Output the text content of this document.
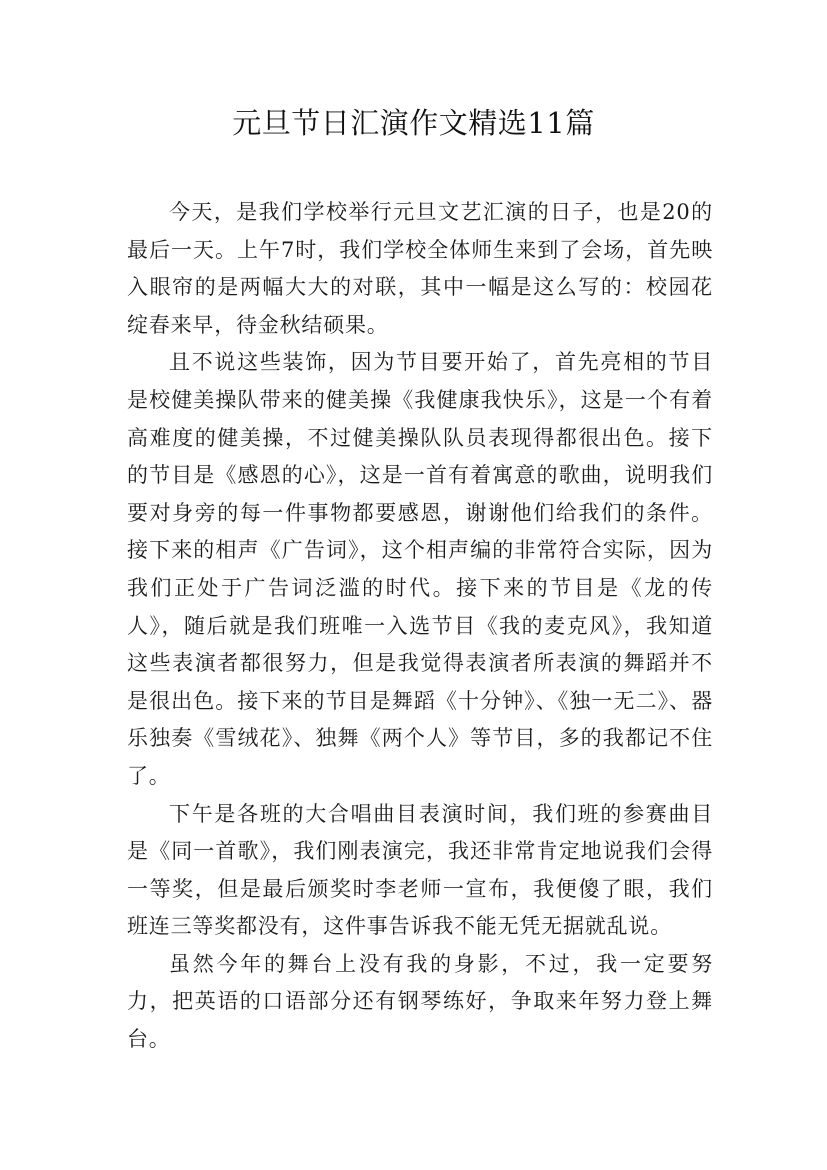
元旦节日汇演作文精选11篇

今天，是我们学校举行元旦文艺汇演的日子，也是20的最后一天。上午7时，我们学校全体师生来到了会场，首先映入眼帘的是两幅大大的对联，其中一幅是这么写的：校园花绽春来早，待金秋结硕果。

且不说这些装饰，因为节目要开始了，首先亮相的节目是校健美操队带来的健美操《我健康我快乐》，这是一个有着高难度的健美操，不过健美操队队员表现得都很出色。接下的节目是《感恩的心》，这是一首有着寓意的歌曲，说明我们要对身旁的每一件事物都要感恩，谢谢他们给我们的条件。接下来的相声《广告词》，这个相声编的非常符合实际，因为我们正处于广告词泛滥的时代。接下来的节目是《龙的传人》，随后就是我们班唯一入选节目《我的麦克风》，我知道这些表演者都很努力，但是我觉得表演者所表演的舞蹈并不是很出色。接下来的节目是舞蹈《十分钟》、《独一无二》、器乐独奏《雪绒花》、独舞《两个人》等节目，多的我都记不住了。

下午是各班的大合唱曲目表演时间，我们班的参赛曲目是《同一首歌》，我们刚表演完，我还非常肯定地说我们会得一等奖，但是最后颁奖时李老师一宣布，我便傻了眼，我们班连三等奖都没有，这件事告诉我不能无凭无据就乱说。

虽然今年的舞台上没有我的身影，不过，我一定要努力，把英语的口语部分还有钢琴练好，争取来年努力登上舞台。
